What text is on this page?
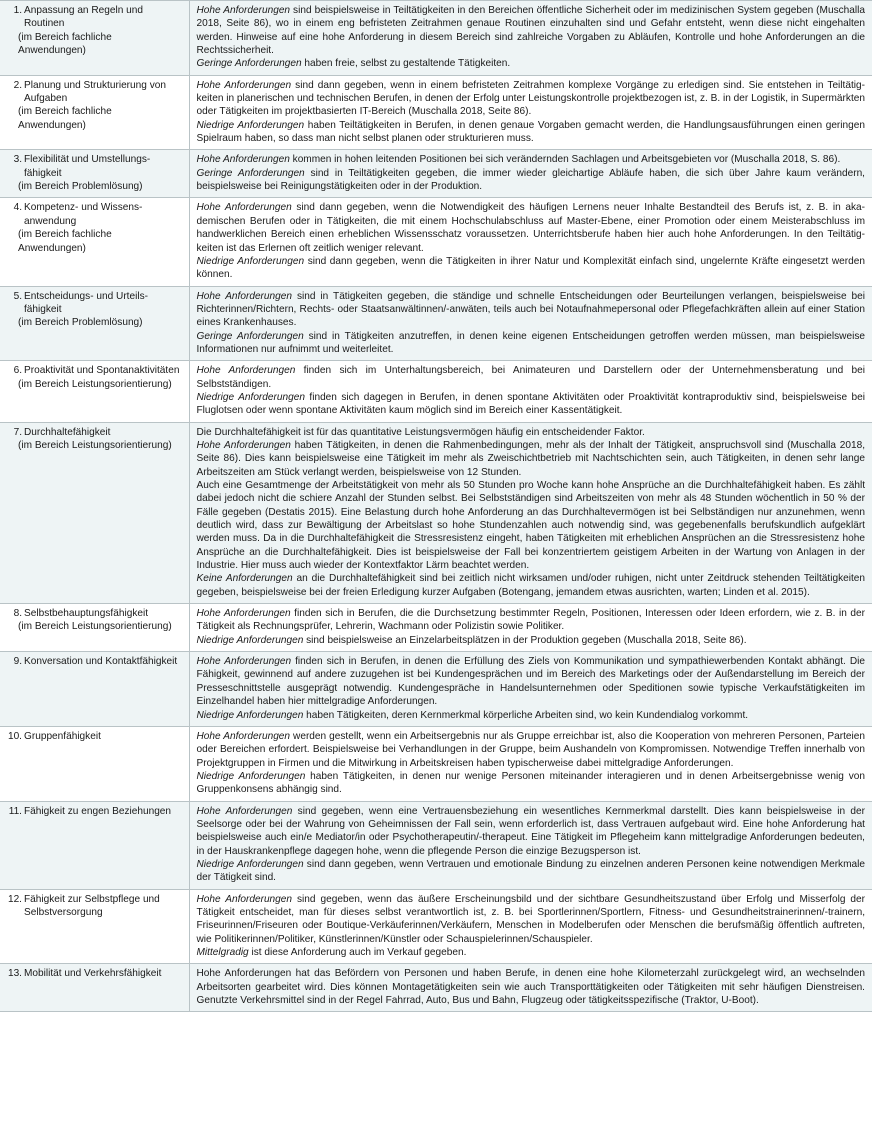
1. Anpassung an Regeln und Routinen
(im Bereich fachliche Anwendungen)	Hohe Anforderungen sind beispielsweise in Teiltätigkeiten in den Bereichen öffentliche Sicherheit oder im medizinischen System gegeben (Muschalla 2018, Seite 86), wo in einem eng befristeten Zeitrahmen genaue Routinen einzuhalten sind und Gefahr entsteht, wenn diese nicht eingehalten werden. Hinweise auf eine hohe Anforderung in diesem Bereich sind zahlreiche Vorgaben zu Abläufen, Kontrolle und hohe Anforderungen an die Rechtssicherheit.
Geringe Anforderungen haben freie, selbst zu gestaltende Tätigkeiten.

2. Planung und Strukturierung von Aufgaben
(im Bereich fachliche Anwendungen)	Hohe Anforderungen sind dann gegeben, wenn in einem befristeten Zeitrahmen komplexe Vorgänge zu erledigen sind. Sie entstehen in Teiltätigkeiten in planerischen und technischen Berufen, in denen der Erfolg unter Leistungskontrolle projektbezogen ist, z. B. in der Logistik, in Supermärkten oder Tätigkeiten im projektbasierten IT-Bereich (Muschalla 2018, Seite 86).
Niedrige Anforderungen haben Teiltätigkeiten in Berufen, in denen genaue Vorgaben gemacht werden, die Handlungsausführungen einen geringen Spielraum haben, so dass man nicht selbst planen oder strukturieren muss.

3. Flexibilität und Umstellungsfähigkeit
(im Bereich Problemlösung)	Hohe Anforderungen kommen in hohen leitenden Positionen bei sich verändernden Sachlagen und Arbeitsgebieten vor (Muschalla 2018, S. 86).
Geringe Anforderungen sind in Teiltätigkeiten gegeben, die immer wieder gleichartige Abläufe haben, die sich über Jahre kaum verändern, beispielsweise bei Reinigungstätigkeiten oder in der Produktion.

4. Kompetenz- und Wissensanwendung
(im Bereich fachliche Anwendungen)	Hohe Anforderungen sind dann gegeben, wenn die Notwendigkeit des häufigen Lernens neuer Inhalte Bestandteil des Berufs ist, z. B. in akademischen Berufen oder in Tätigkeiten, die mit einem Hochschulabschluss auf Master-Ebene, einer Promotion oder einem Meisterabschluss im handwerklichen Bereich einen erheblichen Wissensschatz voraussetzen. Unterrichtsberufe haben hier auch hohe Anforderungen. In den Teiltätigkeiten ist das Erlernen oft zeitlich weniger relevant.
Niedrige Anforderungen sind dann gegeben, wenn die Tätigkeiten in ihrer Natur und Komplexität einfach sind, ungelernte Kräfte eingesetzt werden können.

5. Entscheidungs- und Urteilsfähigkeit
(im Bereich Problemlösung)	Hohe Anforderungen sind in Tätigkeiten gegeben, die ständige und schnelle Entscheidungen oder Beurteilungen verlangen, beispielsweise bei Richterinnen/Richtern, Rechts- oder Staatsanwältinnen/-anwäten, teils auch bei Notaufnahmepersonal oder Pflegefachkräften allein auf einer Station eines Krankenhauses.
Geringe Anforderungen sind in Tätigkeiten anzutreffen, in denen keine eigenen Entscheidungen getroffen werden müssen, man beispielsweise Informationen nur aufnimmt und weiterleitet.

6. Proaktivität und Spontanaktivitäten
(im Bereich Leistungsorientierung)	Hohe Anforderungen finden sich im Unterhaltungsbereich, bei Animateuren und Darstellern oder der Unternehmensberatung und bei Selbstständigen.
Niedrige Anforderungen finden sich dagegen in Berufen, in denen spontane Aktivitäten oder Proaktivität kontraproduktiv sind, beispielsweise bei Fluglotsen oder wenn spontane Aktivitäten kaum möglich sind im Bereich einer Kassentätigkeit.

7. Durchhaltefähigkeit
(im Bereich Leistungsorientierung)	Die Durchhaltefähigkeit ist für das quantitative Leistungsvermögen häufig ein entscheidender Faktor.
Hohe Anforderungen haben Tätigkeiten, in denen die Rahmenbedingungen, mehr als der Inhalt der Tätigkeit, anspruchsvoll sind (Muschalla 2018, Seite 86). Dies kann beispielsweise eine Tätigkeit im mehr als Zweischichtbetrieb mit Nachtschichten sein, auch Tätigkeiten, in denen sehr lange Arbeitszeiten am Stück verlangt werden, beispielsweise von 12 Stunden.
Auch eine Gesamtmenge der Arbeitstätigkeit von mehr als 50 Stunden pro Woche kann hohe Ansprüche an die Durchhaltefähigkeit haben. Es zählt dabei jedoch nicht die schiere Anzahl der Stunden selbst. Bei Selbstständigen sind Arbeitszeiten von mehr als 48 Stunden wöchentlich in 50 % der Fälle gegeben (Destatis 2015). Eine Belastung durch hohe Anforderung an das Durchhaltevermögen ist bei Selbständigen nur anzunehmen, wenn deutlich wird, dass zur Bewältigung der Arbeitslast so hohe Stundenzahlen auch notwendig sind, was gegebenenfalls berufskundlich aufgeklärt werden muss. Da in die Durchhaltefähigkeit die Stressresistenz eingeht, haben Tätigkeiten mit erheblichen Ansprüchen an die Stressresistenz hohe Ansprüche an die Durchhaltefähigkeit. Dies ist beispielsweise der Fall bei konzentriertem geistigem Arbeiten in der Wartung von Anlagen in der Industrie. Hier muss auch wieder der Kontextfaktor Lärm beachtet werden.
Keine Anforderungen an die Durchhaltefähigkeit sind bei zeitlich nicht wirksamen und/oder ruhigen, nicht unter Zeitdruck stehenden Teiltätigkeiten gegeben, beispielsweise bei der freien Erledigung kurzer Aufgaben (Botengang, jemandem etwas ausrichten, warten; Linden et al. 2015).

8. Selbstbehauptungsfähigkeit
(im Bereich Leistungsorientierung)	Hohe Anforderungen finden sich in Berufen, die die Durchsetzung bestimmter Regeln, Positionen, Interessen oder Ideen erfordern, wie z. B. in der Tätigkeit als Rechnungsprüfer, Lehrerin, Wachmann oder Polizistin sowie Politiker.
Niedrige Anforderungen sind beispielsweise an Einzelarbeitsplätzen in der Produktion gegeben (Muschalla 2018, Seite 86).

9. Konversation und Kontaktfähigkeit	Hohe Anforderungen finden sich in Berufen, in denen die Erfüllung des Ziels von Kommunikation und sympathiewerbenden Kontakt abhängt. Die Fähigkeit, gewinnend auf andere zuzugehen ist bei Kundengesprächen und im Bereich des Marketings oder der Außendarstellung im Bereich der Presseschnittstelle ausgeprägt notwendig. Kundengespräche in Handelsunternehmen oder Speditionen sowie typische Verkaufstätigkeiten im Einzelhandel haben hier mittelgradige Anforderungen.
Niedrige Anforderungen haben Tätigkeiten, deren Kernmerkmal körperliche Arbeiten sind, wo kein Kundendialog vorkommt.

10. Gruppenfähigkeit	Hohe Anforderungen werden gestellt, wenn ein Arbeitsergebnis nur als Gruppe erreichbar ist, also die Kooperation von mehreren Personen, Parteien oder Bereichen erfordert. Beispielsweise bei Verhandlungen in der Gruppe, beim Aushandeln von Kompromissen. Notwendige Treffen innerhalb von Projektgruppen in Firmen und die Mitwirkung in Arbeitskreisen haben typischerweise dabei mittelgradige Anforderungen.
Niedrige Anforderungen haben Tätigkeiten, in denen nur wenige Personen miteinander interagieren und in denen Arbeitsergebnisse wenig von Gruppenkonsens abhängig sind.

11. Fähigkeit zu engen Beziehungen	Hohe Anforderungen sind gegeben, wenn eine Vertrauensbeziehung ein wesentliches Kernmerkmal darstellt. Dies kann beispielsweise in der Seelsorge oder bei der Wahrung von Geheimnissen der Fall sein, wenn erforderlich ist, dass Vertrauen aufgebaut wird. Eine hohe Anforderung hat beispielsweise auch ein/e Mediator/in oder Psychotherapeutin/-therapeut. Eine Tätigkeit im Pflegeheim kann mittelgradige Anforderungen bedeuten, in der Hauskrankenpflege dagegen hohe, wenn die pflegende Person die einzige Bezugsperson ist.
Niedrige Anforderungen sind dann gegeben, wenn Vertrauen und emotionale Bindung zu einzelnen anderen Personen keine notwendigen Merkmale der Tätigkeit sind.

12. Fähigkeit zur Selbstpflege und Selbstversorgung	Hohe Anforderungen sind gegeben, wenn das äußere Erscheinungsbild und der sichtbare Gesundheitszustand über Erfolg und Misserfolg der Tätigkeit entscheidet, man für dieses selbst verantwortlich ist, z. B. bei Sportlerinnen/Sportlern, Fitness- und Gesundheitstrainerinnen/-trainern, Friseurinnen/Friseuren oder Boutique-Verkäuferinnen/Verkäufern, Menschen in Modelberufen oder Menschen die berufsmäßig öffentlich auftreten, wie Politikerinnen/Politiker, Künstlerinnen/Künstler oder Schauspielerinnen/Schauspieler.
Mittelgradig ist diese Anforderung auch im Verkauf gegeben.

13. Mobilität und Verkehrsfähigkeit	Hohe Anforderungen hat das Befördern von Personen und haben Berufe, in denen eine hohe Kilometerzahl zurückgelegt wird, an wechselnden Arbeitsorten gearbeitet wird. Dies können Montagetätigkeiten sein wie auch Transporttätigkeiten oder Tätigkeiten mit sehr häufigen Dienstreisen. Genutzte Verkehrsmittel sind in der Regel Fahrrad, Auto, Bus und Bahn, Flugzeug oder tätigkeitsspezifische (Traktor, U-Boot).
